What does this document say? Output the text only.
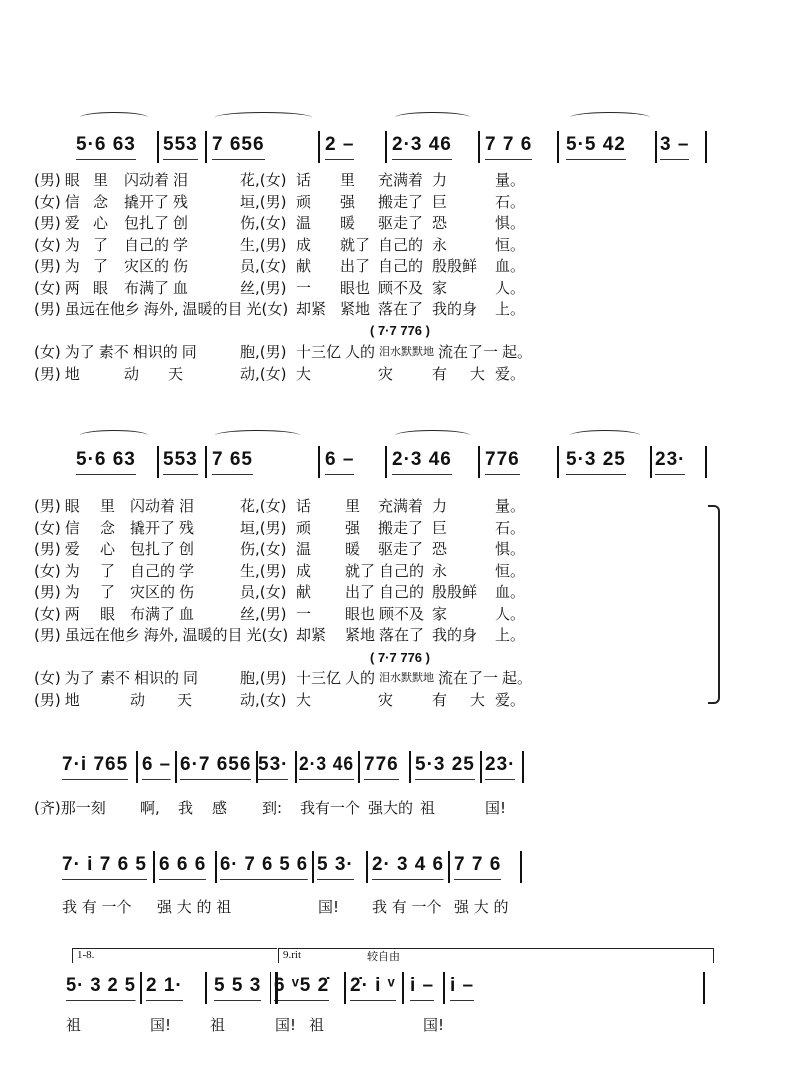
5·6 63 553 7 656	2 – 2·3 46 7 7 6 5·5 42 3 –
(男) 眼 里 闪动着 泪	花,(女) 话 里 充满着 力	量。
(女) 信 念 撬开了 残	垣,(男) 顽 强 搬走了 巨	石。
(男) 爱 心 包扎了 创	伤,(女) 温 暖 驱走了 恐	惧。
(女) 为 了 自己的 学	生,(男) 成 就了 自己的 永	恒。
(男) 为 了 灾区的 伤	员,(女) 献 出了 自己的 殷殷鲜 血。
(女) 两 眼 布满了 血	丝,(男) 一 眼也 顾不及 家	人。
(男) 虽远在他乡 海外, 温暖的目 光(女) 却紧 紧地 落在了 我的身 上。
( 7·7 776 )
(女) 为了 素不 相识的 同	胞,(男) 十三亿 人的 泪水默默地 流在了一 起。
(男) 地	动 天	动,(女) 大	灾	有 大 爱。
5·6 63 553 7 65	6 – 2·3 46 776 5·3 25 23·
(男) 眼 里 闪动着 泪	花,(女) 话 里 充满着 力	量。
(女) 信 念 撬开了 残	垣,(男) 顽 强 搬走了 巨	石。
(男) 爱 心 包扎了 创	伤,(女) 温 暖 驱走了 恐	惧。
(女) 为 了 自己的 学	生,(男) 成 就了 自己的 永	恒。
(男) 为 了 灾区的 伤	员,(女) 献 出了 自己的 殷殷鲜 血。
(女) 两 眼 布满了 血	丝,(男) 一 眼也 顾不及 家	人。
(男) 虽远在他乡 海外, 温暖的目 光(女) 却紧 紧地 落在了 我的身 上。
( 7·7 776 )
(女) 为了 素不 相识的 同	胞,(男) 十三亿 人的 泪水默默地 流在了一 起。
(男) 地	动 天	动,(女) 大	灾	有 大 爱。
7·i 765 6 – 6·7 656 53· 2·3 46 776 5·3 25 23·
(齐)那一刻 啊, 我 感 到: 我有一个 强大的 祖	国!
7· i 7 6 5 6 6 6 6· 7 6 5 6 5 3· 2· 3 4 6 7 7 6
我 有 一个 强 大 的 祖	国! 我 有 一个 强 大 的
1-8.	9.rit	较自由
5· 3 2 5 2 1· 5 5 3 6 ᵛ5 2̇ 2̇· i ᵛ i – i –
祖	国!	祖	国! 祖	国!
